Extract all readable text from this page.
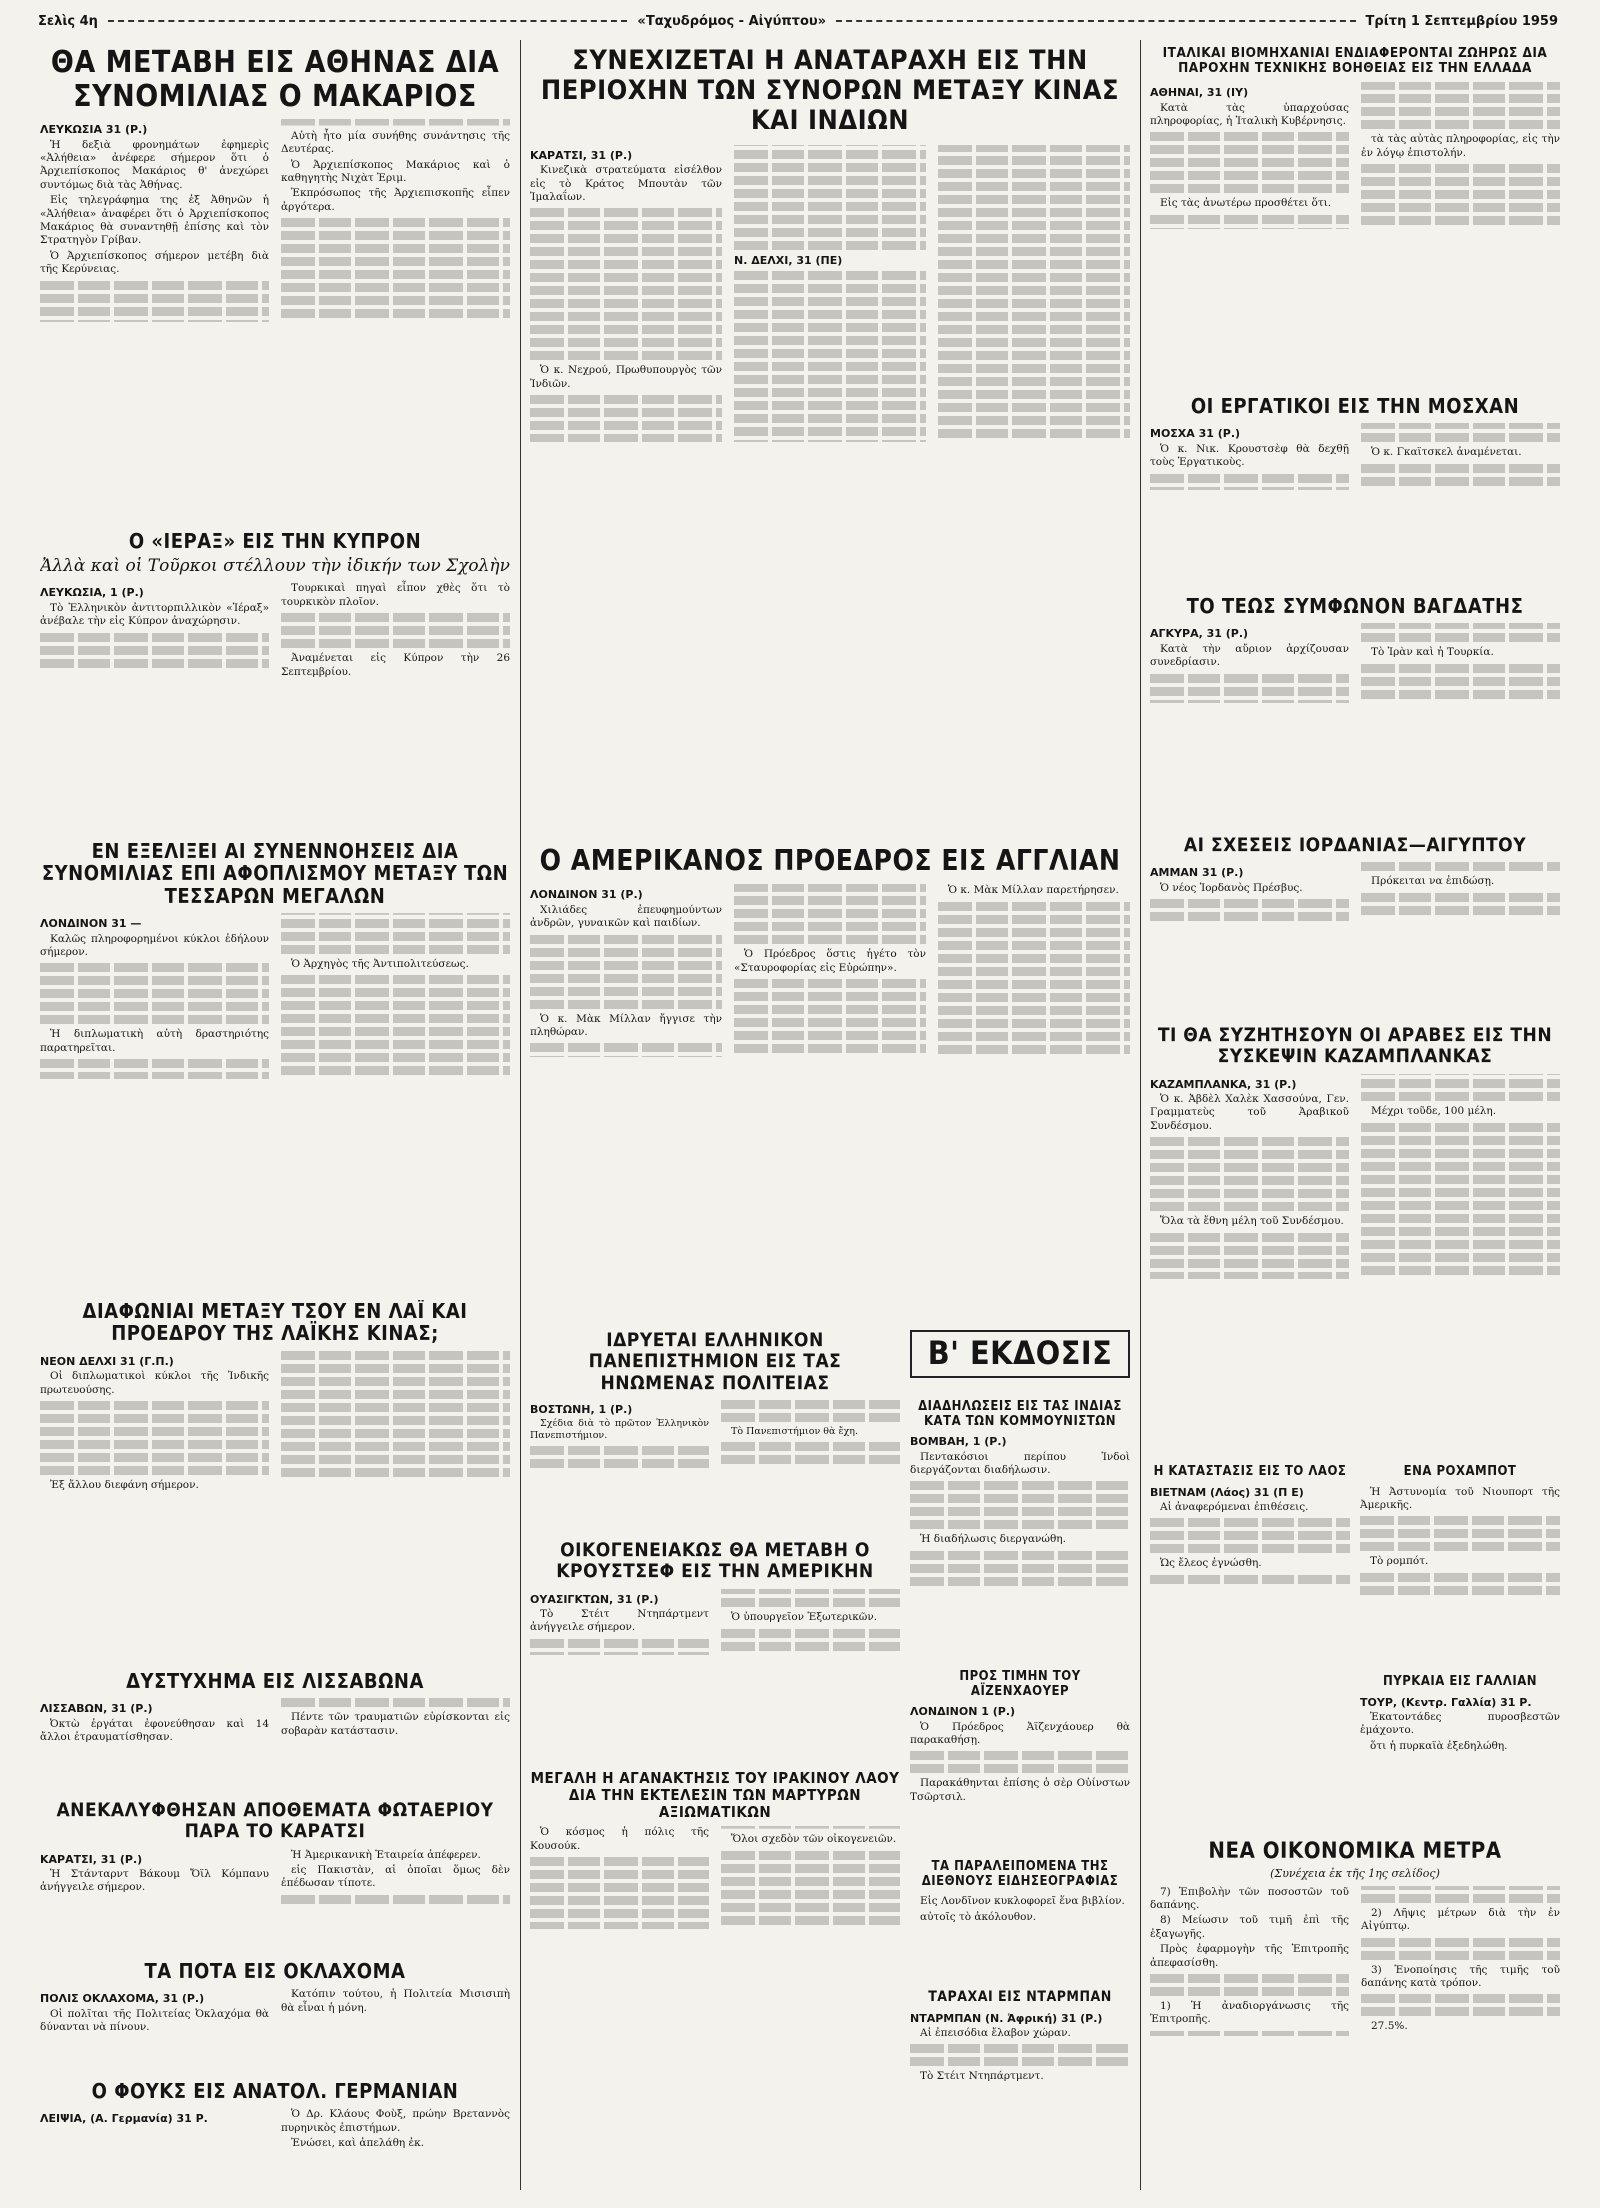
Σελὶς 4η	«Ταχυδρόμος - Αἰγύπτου»	Τρίτη 1 Σεπτεμβρίου 1959
ΘΑ ΜΕΤΑΒΗ ΕΙΣ ΑΘΗΝΑΣ ΔΙΑ ΣΥΝΟΜΙΛΙΑΣ Ο ΜΑΚΑΡΙΟΣ
ΛΕΥΚΩΣΙΑ 31 (Ρ.)

Ἡ δεξιὰ φρονημάτων ἐφημερὶς «Ἀλήθεια» ἀνέφερε σήμερον ὅτι ὁ Ἀρχιεπίσκοπος Μακάριος θ' ἀνεχώρει συντόμως διὰ τὰς Ἀθήνας.

Εἰς τηλεγράφημα της ἐξ Ἀθηνῶν ἡ «Ἀλήθεια» ἀναφέρει ὅτι ὁ Ἀρχιεπίσκοπος Μακάριος θὰ συναντηθῇ ἐπίσης καὶ τὸν Στρατηγὸν Γρίβαν.

Ὁ Ἀρχιεπίσκοπος σήμερον μετέβη διὰ τῆς Κερύνειας.

Αὐτὴ ἦτο μία συνήθης συνάντησις τῆς Δευτέρας.

Ὁ Ἀρχιεπίσκοπος Μακάριος καὶ ὁ καθηγητὴς Νιχὰτ Ἐριμ.

Ἐκπρόσωπος τῆς Ἀρχιεπισκοπῆς εἶπεν ἀργότερα.

Ο «ΙΕΡΑΞ» ΕΙΣ ΤΗΝ ΚΥΠΡΟΝ
Ἀλλὰ καὶ οἱ Τοῦρκοι στέλλουν τὴν ἰδικήν των Σχολὴν
ΛΕΥΚΩΣΙΑ, 1 (Ρ.)

Τὸ Ἑλληνικὸν ἀντιτορπιλλικὸν «Ἱέραξ» ἀνέβαλε τὴν εἰς Κύπρον ἀναχώρησιν.

Τουρκικαὶ πηγαὶ εἶπον χθὲς ὅτι τὸ τουρκικὸν πλοῖον.

Ἀναμένεται εἰς Κύπρον τὴν 26 Σεπτεμβρίου.

ΕΝ ΕΞΕΛΙΞΕΙ ΑΙ ΣΥΝΕΝΝΟΗΣΕΙΣ ΔΙΑ ΣΥΝΟΜΙΛΙΑΣ ΕΠΙ ΑΦΟΠΛΙΣΜΟΥ ΜΕΤΑΞΥ ΤΩΝ ΤΕΣΣΑΡΩΝ ΜΕΓΑΛΩΝ
ΛΟΝΔΙΝΟΝ 31 —

Καλῶς πληροφορημένοι κύκλοι ἐδήλουν σήμερον.

Ἡ διπλωματικὴ αὐτὴ δραστηριότης παρατηρεῖται.

Ὁ Ἀρχηγὸς τῆς Ἀντιπολιτεύσεως.

ΔΙΑΦΩΝΙΑΙ ΜΕΤΑΞΥ ΤΣΟΥ ΕΝ ΛΑΪ ΚΑΙ ΠΡΟΕΔΡΟΥ ΤΗΣ ΛΑΪΚΗΣ ΚΙΝΑΣ;
ΝΕΟΝ ΔΕΛΧΙ 31 (Γ.Π.)

Οἱ διπλωματικοὶ κύκλοι τῆς Ἰνδικῆς πρωτευούσης.

Ἐξ ἄλλου διεφάνη σήμερον.

ΔΥΣΤΥΧΗΜΑ ΕΙΣ ΛΙΣΣΑΒΩΝΑ
ΛΙΣΣΑΒΩΝ, 31 (Ρ.)

Ὀκτὼ ἐργάται ἐφονεύθησαν καὶ 14 ἄλλοι ἐτραυματίσθησαν.

Πέντε τῶν τραυματιῶν εὑρίσκονται εἰς σοβαρὰν κατάστασιν.

ΑΝΕΚΑΛΥΦΘΗΣΑΝ ΑΠΟΘΕΜΑΤΑ ΦΩΤΑΕΡΙΟΥ ΠΑΡΑ ΤΟ ΚΑΡΑΤΣΙ
ΚΑΡΑΤΣΙ, 31 (Ρ.)

Ἡ Στάνταρντ Βάκουμ Ὄϊλ Κόμπανυ ἀνήγγειλε σήμερον.

Ἡ Ἀμερικανικὴ Ἑταιρεία ἀπέφερεν.

εἰς Πακιστὰν, αἱ ὁποῖαι ὅμως δὲν ἐπέδωσαν τίποτε.

ΤΑ ΠΟΤΑ ΕΙΣ ΟΚΛΑΧΟΜΑ
ΠΟΛΙΣ ΟΚΛΑΧΟΜΑ, 31 (Ρ.)

Οἱ πολῖται τῆς Πολιτείας Ὀκλαχόμα θὰ δύνανται νὰ πίνουν.

Κατόπιν τούτου, ἡ Πολιτεία Μισισιπὴ θὰ εἶναι ἡ μόνη.

Ο ΦΟΥΚΣ ΕΙΣ ΑΝΑΤΟΛ. ΓΕΡΜΑΝΙΑΝ
ΛΕΙΨΙΑ, (Α. Γερμανία) 31 Ρ.	Ὁ Δρ. Κλάους Φοὺξ, πρώην Βρεταννὸς πυρηνικὸς ἐπιστήμων.

Ἐνώσει, καὶ ἀπελάθη ἐκ.

ΣΥΝΕΧΙΖΕΤΑΙ Η ΑΝΑΤΑΡΑΧΗ ΕΙΣ ΤΗΝ ΠΕΡΙΟΧΗΝ ΤΩΝ ΣΥΝΟΡΩΝ ΜΕΤΑΞΥ ΚΙΝΑΣ ΚΑΙ ΙΝΔΙΩΝ
ΚΑΡΑΤΣΙ, 31 (Ρ.)

Κινεζικὰ στρατεύματα εἰσέλθον εἰς τὸ Κράτος Μπουτὰν τῶν Ἰμαλαΐων.

Ὁ κ. Νεχρού, Πρωθυπουργὸς τῶν Ἰνδιῶν.

Ν. ΔΕΛΧΙ, 31 (ΠΕ)
Ο ΑΜΕΡΙΚΑΝΟΣ ΠΡΟΕΔΡΟΣ ΕΙΣ ΑΓΓΛΙΑΝ
ΛΟΝΔΙΝΟΝ 31 (Ρ.)

Χιλιάδες ἐπευφημούντων ἀνδρῶν, γυναικῶν καὶ παιδίων.

Ὁ κ. Μὰκ Μίλλαν ἤγγισε τὴν πληθώραν.

Ὁ Πρόεδρος ὅστις ἠγέτο τὸν «Σταυροφορίας εἰς Εὐρώπην».

Ὁ κ. Μὰκ Μίλλαν παρετήρησεν.

ΙΔΡΥΕΤΑΙ ΕΛΛΗΝΙΚΟΝ ΠΑΝΕΠΙΣΤΗΜΙΟΝ ΕΙΣ ΤΑΣ ΗΝΩΜΕΝΑΣ ΠΟΛΙΤΕΙΑΣ
ΒΟΣΤΩΝΗ, 1 (Ρ.)

Σχέδια διὰ τὸ πρῶτον Ἑλληνικὸν Πανεπιστήμιον.	Τὸ Πανεπιστήμιον θὰ ἔχη.

ΟΙΚΟΓΕΝΕΙΑΚΩΣ ΘΑ ΜΕΤΑΒΗ Ο ΚΡΟΥΣΤΣΕΦ ΕΙΣ ΤΗΝ ΑΜΕΡΙΚΗΝ
ΟΥΑΣΙΓΚΤΩΝ, 31 (Ρ.)

Τὸ Στέιτ Ντηπάρτμεντ ἀνήγγειλε σήμερον.

Ὁ ὑπουργεῖον Ἐξωτερικῶν.

ΜΕΓΑΛΗ Η ΑΓΑΝΑΚΤΗΣΙΣ ΤΟΥ ΙΡΑΚΙΝΟΥ ΛΑΟΥ ΔΙΑ ΤΗΝ ΕΚΤΕΛΕΣΙΝ ΤΩΝ ΜΑΡΤΥΡΩΝ ΑΞΙΩΜΑΤΙΚΩΝ

Ὁ κόσμος ἡ πόλις τῆς Κουσούκ.

Ὅλοι σχεδὸν τῶν οἰκογενειῶν.

Β' ΕΚΔΟΣΙΣ
ΔΙΑΔΗΛΩΣΕΙΣ ΕΙΣ ΤΑΣ ΙΝΔΙΑΣ ΚΑΤΑ ΤΩΝ ΚΟΜΜΟΥΝΙΣΤΩΝ
ΒΟΜΒΑΗ, 1 (Ρ.)

Πεντακόσιοι περίπου Ἰνδοὶ διεργάζονται διαδήλωσιν.

Ἡ διαδήλωσις διεργανώθη.

ΠΡΟΣ ΤΙΜΗΝ ΤΟΥ ΑΪΖΕΝΧΑΟΥΕΡ
ΛΟΝΔΙΝΟΝ 1 (Ρ.)

Ὁ Πρόεδρος Ἀϊζενχάουερ θὰ παρακαθήσῃ.

Παρακάθηνται ἐπίσης ὁ σὲρ Οὐίνστων Τσῶρτσιλ.

ΤΑ ΠΑΡΑΛΕΙΠΟΜΕΝΑ ΤΗΣ ΔΙΕΘΝΟΥΣ ΕΙΔΗΣΕΟΓΡΑΦΙΑΣ

Εἰς Λονδῖνον κυκλοφορεῖ ἕνα βιβλίον.

αὐτοῖς τὸ ἀκόλουθον.

ΤΑΡΑΧΑΙ ΕΙΣ ΝΤΑΡΜΠΑΝ
ΝΤΑΡΜΠΑΝ (Ν. Ἀφρική) 31 (Ρ.)

Αἱ ἐπεισόδια ἔλαβον χώραν.

Τὸ Στέιτ Ντηπάρτμεντ.

ΙΤΑΛΙΚΑΙ ΒΙΟΜΗΧΑΝΙΑΙ ΕΝΔΙΑΦΕΡΟΝΤΑΙ ΖΩΗΡΩΣ ΔΙΑ ΠΑΡΟΧΗΝ ΤΕΧΝΙΚΗΣ ΒΟΗΘΕΙΑΣ ΕΙΣ ΤΗΝ ΕΛΛΑΔΑ
ΑΘΗΝΑΙ, 31 (ΙΥ)

Κατὰ τὰς ὑπαρχούσας πληροφορίας, ἡ Ἰταλικὴ Κυβέρνησις.

Εἰς τὰς ἀνωτέρω προσθέτει ὅτι.

τὰ τὰς αὐτὰς πληροφορίας, εἰς τὴν ἐν λόγῳ ἐπιστολήν.

ΟΙ ΕΡΓΑΤΙΚΟΙ ΕΙΣ ΤΗΝ ΜΟΣΧΑΝ
ΜΟΣΧΑ 31 (Ρ.)

Ὁ κ. Νικ. Κρουστσὲφ θὰ δεχθῇ τοὺς Ἐργατικοὺς.

Ὁ κ. Γκαϊτσκελ ἀναμένεται.

ΤΟ ΤΕΩΣ ΣΥΜΦΩΝΟΝ ΒΑΓΔΑΤΗΣ
ΑΓΚΥΡΑ, 31 (Ρ.)

Κατὰ τὴν αὔριον ἀρχίζουσαν συνεδρίασιν.

Τὸ Ἰρὰν καὶ ἡ Τουρκία.

ΑΙ ΣΧΕΣΕΙΣ ΙΟΡΔΑΝΙΑΣ—ΑΙΓΥΠΤΟΥ
ΑΜΜΑΝ 31 (Ρ.)

Ὁ νέος Ἰορδανὸς Πρέσβυς.

Πρόκειται να ἐπιδώσῃ.

ΤΙ ΘΑ ΣΥΖΗΤΗΣΟΥΝ ΟΙ ΑΡΑΒΕΣ ΕΙΣ ΤΗΝ ΣΥΣΚΕΨΙΝ ΚΑΖΑΜΠΛΑΝΚΑΣ
ΚΑΖΑΜΠΛΑΝΚΑ, 31 (Ρ.)

Ὁ κ. Ἀβδὲλ Χαλὲκ Χασσούνα, Γεν. Γραμματεὺς τοῦ Ἀραβικοῦ Συνδέσμου.

Ὅλα τὰ ἔθνη μέλη τοῦ Συνδέσμου.

Μέχρι τοῦδε, 100 μέλη.

Η ΚΑΤΑΣΤΑΣΙΣ ΕΙΣ ΤΟ ΛΑΟΣ
ΒΙΕΤΝΑΜ (Λάος) 31 (Π Ε)

Αἱ ἀναφερόμεναι ἐπιθέσεις.

Ὡς ἔλεος ἐγνώσθη.

ΕΝΑ ΡΟΧΑΜΠΟΤ

Ἡ Ἀστυνομία τοῦ Νιουπορτ τῆς Ἀμερικῆς.

Τὸ ρομπότ.

ΠΥΡΚΑΪΑ ΕΙΣ ΓΑΛΛΙΑΝ
ΤΟΥΡ, (Κεντρ. Γαλλία) 31 Ρ.

Ἑκατοντάδες πυροσβεστῶν ἐμάχοντο.

ὅτι ἡ πυρκαϊὰ ἐξεδηλώθη.

ΝΕΑ ΟΙΚΟΝΟΜΙΚΑ ΜΕΤΡΑ
(Συνέχεια ἐκ τῆς 1ης σελίδος)

7) Ἐπιβολὴν τῶν ποσοστῶν τοῦ δαπάνης.

8) Μείωσιν τοῦ τιμῆ ἐπὶ τῆς ἐξαγωγῆς.

Πρὸς ἐφαρμογὴν τῆς Ἐπιτροπῆς ἀπεφασίσθη.

1) Ἡ ἀναδιοργάνωσις τῆς Ἐπιτροπῆς.

2) Λῆψις μέτρων διὰ τὴν ἐν Αἰγύπτῳ.

3) Ἐνοποίησις τῆς τιμῆς τοῦ δαπάνης κατὰ τρόπον.

27.5%.
